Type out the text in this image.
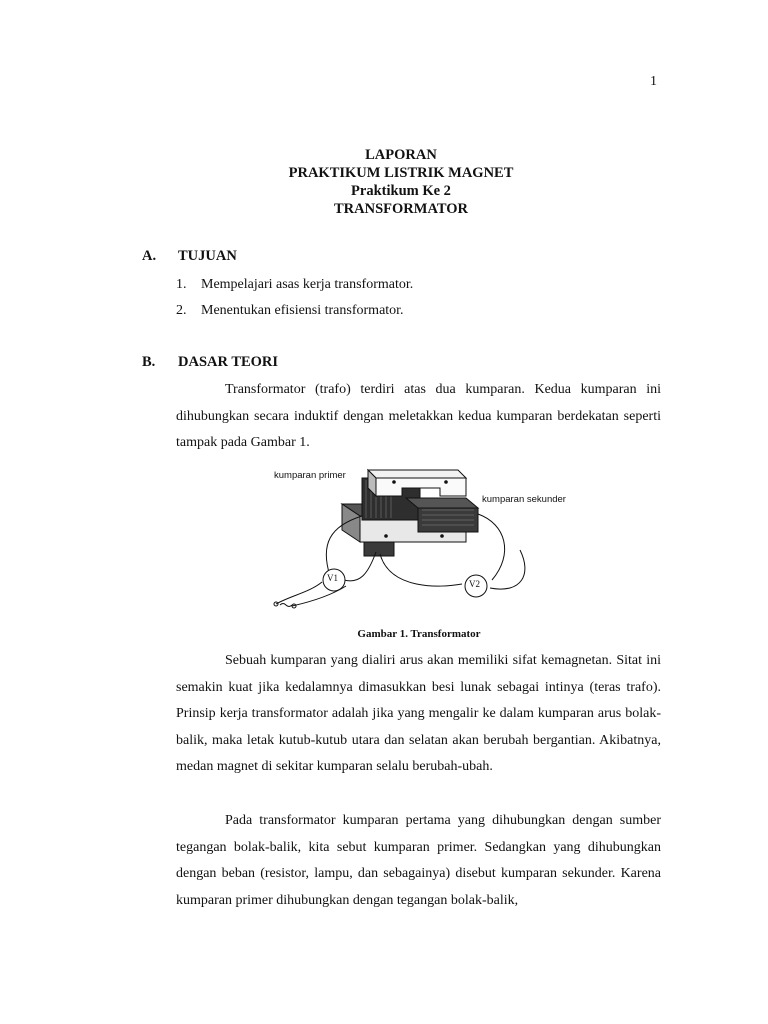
1
LAPORAN
PRAKTIKUM LISTRIK MAGNET
Praktikum Ke 2
TRANSFORMATOR
A. TUJUAN
1. Mempelajari asas kerja transformator.
2. Menentukan efisiensi transformator.
B. DASAR TEORI
Transformator (trafo) terdiri atas dua kumparan. Kedua kumparan ini dihubungkan secara induktif dengan meletakkan kedua kumparan berdekatan seperti tampak pada Gambar 1.
kumparan primer
kumparan sekunder
V1
V2
Gambar 1. Transformator
Sebuah kumparan yang dialiri arus akan memiliki sifat kemagnetan. Sitat ini semakin kuat jika kedalamnya dimasukkan besi lunak sebagai intinya (teras trafo). Prinsip kerja transformator adalah jika yang mengalir ke dalam kumparan arus bolak-balik, maka letak kutub-kutub utara dan selatan akan berubah bergantian. Akibatnya, medan magnet di sekitar kumparan selalu berubah-ubah.
Pada transformator kumparan pertama yang dihubungkan dengan sumber tegangan bolak-balik, kita sebut kumparan primer. Sedangkan yang dihubungkan dengan beban (resistor, lampu, dan sebagainya) disebut kumparan sekunder. Karena kumparan primer dihubungkan dengan tegangan bolak-balik,
